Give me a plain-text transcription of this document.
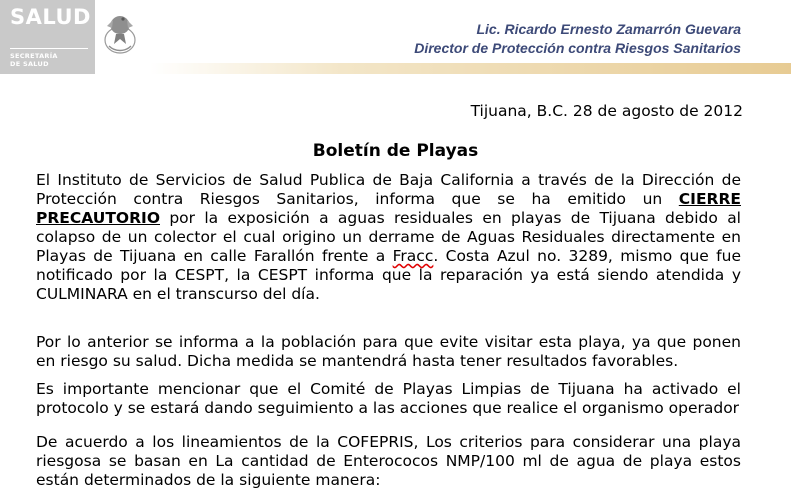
SALUD
SECRETARÍA
DE SALUD
Lic. Ricardo Ernesto Zamarrón Guevara
Director de Protección contra Riesgos Sanitarios
Tijuana, B.C. 28 de agosto de 2012
Boletín de Playas

El Instituto de Servicios de Salud Publica de Baja California a través de la Dirección de Protección contra Riesgos Sanitarios, informa que se ha emitido un CIERRE PRECAUTORIO por la exposición a aguas residuales en playas de Tijuana debido al colapso de un colector el cual origino un derrame de Aguas Residuales directamente en Playas de Tijuana en calle Farallón frente a Fracc. Costa Azul no. 3289, mismo que fue notificado por la CESPT, la CESPT informa que la reparación ya está siendo atendida y CULMINARA en el transcurso del día.

Por lo anterior se informa a la población para que evite visitar esta playa, ya que ponen en riesgo su salud. Dicha medida se mantendrá hasta tener resultados favorables.

Es importante mencionar que el Comité de Playas Limpias de Tijuana ha activado el protocolo y se estará dando seguimiento a las acciones que realice el organismo operador

De acuerdo a los lineamientos de la COFEPRIS, Los criterios para considerar una playa riesgosa se basan en La cantidad de Enterococos NMP/100 ml de agua de playa estos están determinados de la siguiente manera:
